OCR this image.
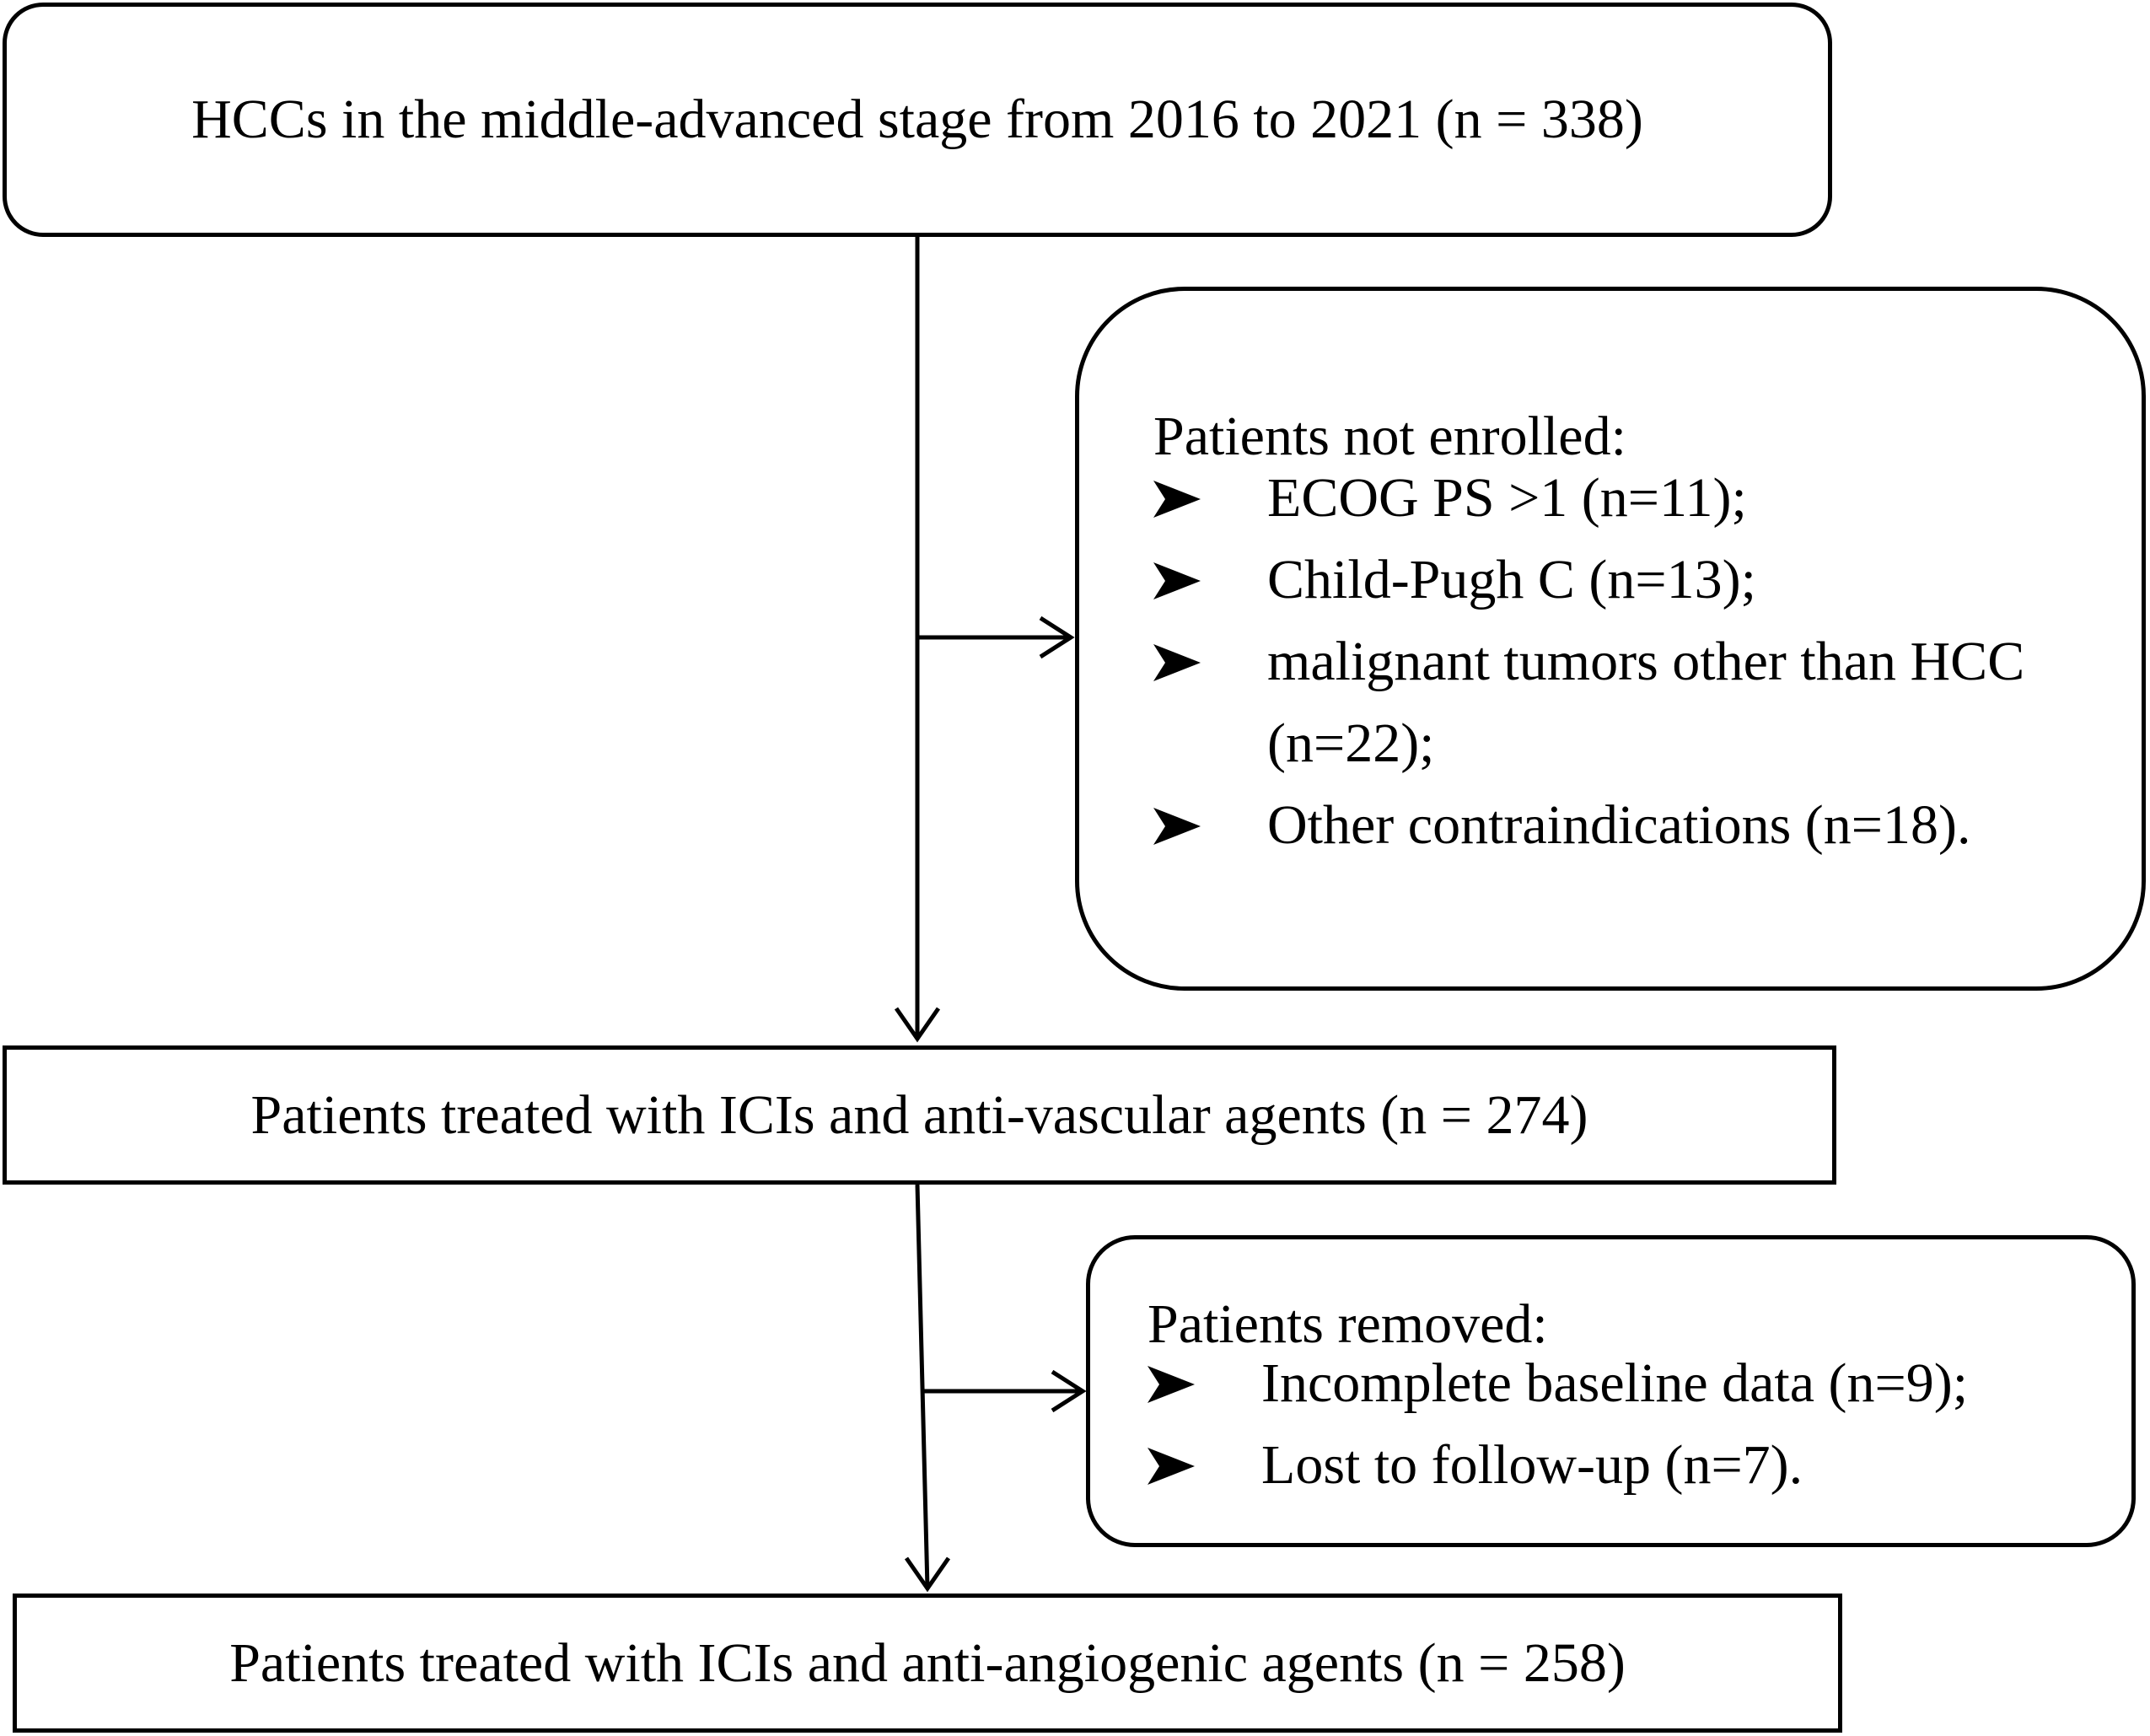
HCCs in the middle-advanced stage from 2016 to 2021 (n = 338)
Patients not enrolled:
ECOG PS >1 (n=11);
Child-Pugh C (n=13);
malignant tumors other than HCC (n=22);
Other contraindications (n=18).
Patients treated with ICIs and anti-vascular agents (n = 274)
Patients removed:
Incomplete baseline data (n=9);
Lost to follow-up (n=7).
Patients treated with ICIs and anti-angiogenic agents (n = 258)
